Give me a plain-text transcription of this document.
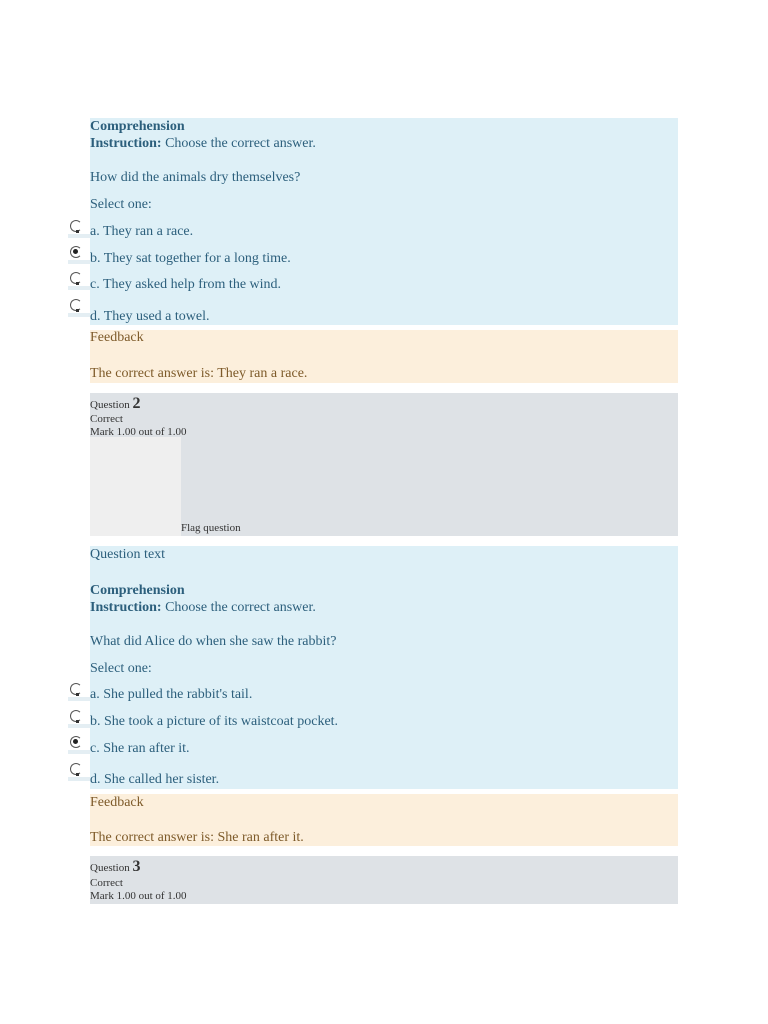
Comprehension
Instruction: Choose the correct answer.
How did the animals dry themselves?
Select one:
a. They ran a race.
b. They sat together for a long time.
c. They asked help from the wind.
d. They used a towel.
Feedback
The correct answer is: They ran a race.
Question 2
Correct
Mark 1.00 out of 1.00
Flag question
Question text
Comprehension
Instruction: Choose the correct answer.
What did Alice do when she saw the rabbit?
Select one:
a. She pulled the rabbit's tail.
b. She took a picture of its waistcoat pocket.
c. She ran after it.
d. She called her sister.
Feedback
The correct answer is: She ran after it.
Question 3
Correct
Mark 1.00 out of 1.00
